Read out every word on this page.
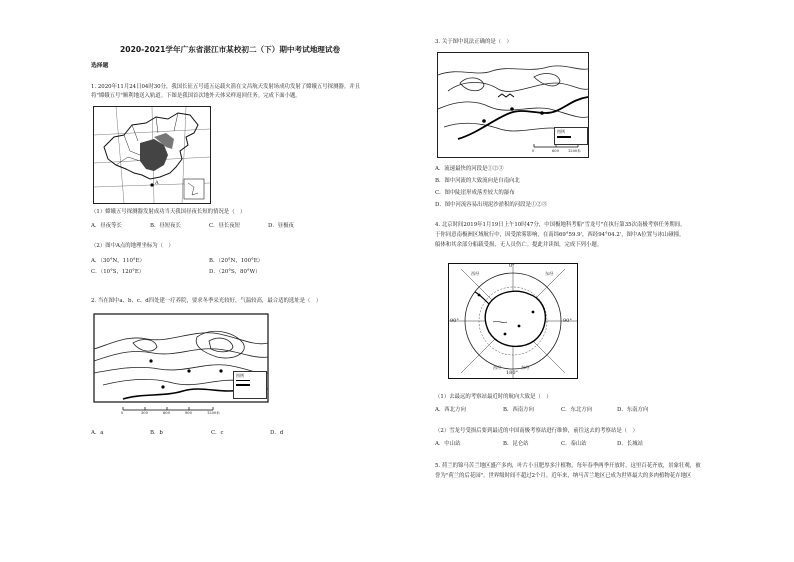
2020-2021学年广东省湛江市某校初二（下）期中考试地理试卷
选择题
1. 2020年11月24日04时30分，我国长征五号遥五运载火箭在文昌航天发射场成功发射了嫦娥五号探测器。并且
将"嫦娥五号"顺利地送入轨道。下图是我国首次地外天体采样返回任务。完成下面小题。
A
（1）嫦娥五号探测器发射成功当天我国昼夜长短的情况是（　）
A．昼夜等长	B．昼短夜长	C．昼长夜短	D．昼极夜
（2）图中A点的地理坐标为（　）
A．（30°N，110°E）	B．（20°N，100°E）
C．（10°S，120°E）	D．（20°S，80°W）
2. 当在图中a、b、c、d四处建一疗养院，要求冬季采光较好，气温较高，最合适的选址是（　）
图例
0	300	600	900	1200米
A．a	B．b	C．c	D．d
3. 关于图中说法正确的是（　）
图例
0	600	1200米
A．流速最快的河段是①②③
B．图中河流的大致流向是自南向北
C．图中陡崖形成落差较大的瀑布
D．图中河流容易出现泥沙淤积的河段是①②③
4. 北京时间2019年1月19日上午10时47分，中国极地科考船"雪龙号"在执行第35次南极考察任务期间，
于你同意南极洲区域航行中，因受浓雾影响，在南纬69°59.9'，西经94°04.2'，图中A位置与冰山碰撞。
船体和其余部分船载受损，无人员伤亡。提此并读图，完成下列小题。
0°
180°
90°	90°
西经	东经
西经	东经
（1）去最远的考察站最近时的航向大致是（　）
A．西北方向	B．西南方向	C．东北方向	D．东南方向
（2）雪龙号受损后要到最近的中国南极考察站进行维修，前往这去的考察站是（　）
A．中山站	B．昆仑站	C．泰山站	D．长城站
5. 荷兰的锦马苦兰地区盛产多肉，叶片小且肥厚多汁植物，每年春季两季开放时，这里百花齐放，景象壮观，被
誉为"荷兰的后花园"。世界级时间不超过2个月。近年来，纳马苦兰地区已成为世界最大的多肉植物花卉地区
